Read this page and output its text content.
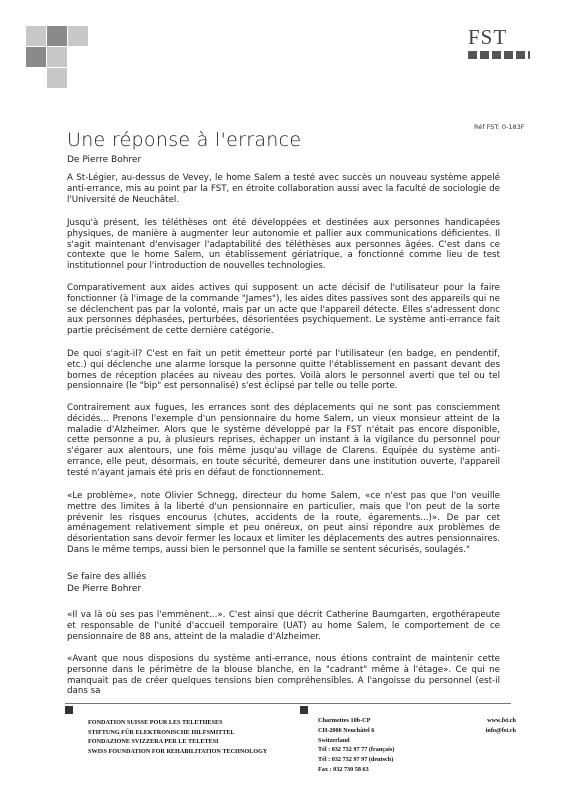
FST
Réf FST: 0-183F
Une réponse à l'errance
De Pierre Bohrer

A St-Légier, au-dessus de Vevey, le home Salem a testé avec succès un nouveau système appelé anti-errance, mis au point par la FST, en étroite collaboration aussi avec la faculté de sociologie de l'Université de Neuchâtel.

Jusqu'à présent, les téléthèses ont été développées et destinées aux personnes handicapées physiques, de manière à augmenter leur autonomie et pallier aux communications déficientes. Il s'agit maintenant d'envisager l'adaptabilité des téléthèses aux personnes âgées. C'est dans ce contexte que le home Salem, un établissement gériatrique, a fonctionné comme lieu de test institutionnel pour l'introduction de nouvelles technologies.

Comparativement aux aides actives qui supposent un acte décisif de l'utilisateur pour la faire fonctionner (à l'image de la commande "James"), les aides dites passives sont des appareils qui ne se déclenchent pas par la volonté, mais par un acte que l'appareil détecte. Elles s'adressent donc aux personnes déphasées, perturbées, désorientées psychiquement. Le système anti-errance fait partie précisément de cette dernière catégorie.

De quoi s'agit-il? C'est en fait un petit émetteur porté par l'utilisateur (en badge, en pendentif, etc.) qui déclenche une alarme lorsque la personne quitte l'établissement en passant devant des bornes de réception placées au niveau des portes. Voilà alors le personnel averti que tel ou tel pensionnaire (le "bip" est personnalisé) s'est éclipsé par telle ou telle porte.

Contrairement aux fugues, les errances sont des déplacements qui ne sont pas consciemment décidés... Prenons l'exemple d'un pensionnaire du home Salem, un vieux monsieur atteint de la maladie d'Alzheimer. Alors que le système développé par la FST n'était pas encore disponible, cette personne a pu, à plusieurs reprises, échapper un instant à la vigilance du personnel pour s'égarer aux alentours, une fois même jusqu'au village de Clarens. Equipée du système anti-errance, elle peut, désormais, en toute sécurité, demeurer dans une institution ouverte, l'appareil testé n'ayant jamais été pris en défaut de fonctionnement.

«Le problème», note Olivier Schnegg, directeur du home Salem, «ce n'est pas que l'on veuille mettre des limites à la liberté d'un pensionnaire en particulier, mais que l'on peut de la sorte prévenir les risques encourus (chutes, accidents de la route, égarements...)». De par cet aménagement relativement simple et peu onéreux, on peut ainsi répondre aux problèmes de désorientation sans devoir fermer les locaux et limiter les déplacements des autres pensionnaires. Dans le même temps, aussi bien le personnel que la famille se sentent sécurisés, soulagés."

Se faire des alliés
De Pierre Bohrer

«Il va là où ses pas l'emmènent...». C'est ainsi que décrit Catherine Baumgarten, ergothérapeute et responsable de l'unité d'accueil temporaire (UAT) au home Salem, le comportement de ce pensionnaire de 88 ans, atteint de la maladie d'Alzheimer.

«Avant que nous disposions du système anti-errance, nous étions contraint de maintenir cette personne dans le périmètre de la blouse blanche, en la "cadrant" même à l'étage». Ce qui ne manquait pas de créer quelques tensions bien compréhensibles. A l'angoisse du personnel (est-il dans sa

FONDATION SUISSE POUR LES TELETHESES
STIFTUNG FÜR ELEKTRONISCHE HILFSMITTEL
FONDAZIONE SVIZZERA PER LE TELETESI
SWISS FOUNDATION FOR REHABILITATION TECHNOLOGY
Charmettes 10b-CP
CH-2006 Neuchâtel 6
Switzerland
Tél : 032 732 97 77 (français)
Tél : 032 732 97 97 (deutsch)
Fax : 032 730 58 63
www.fst.ch
info@fst.ch
